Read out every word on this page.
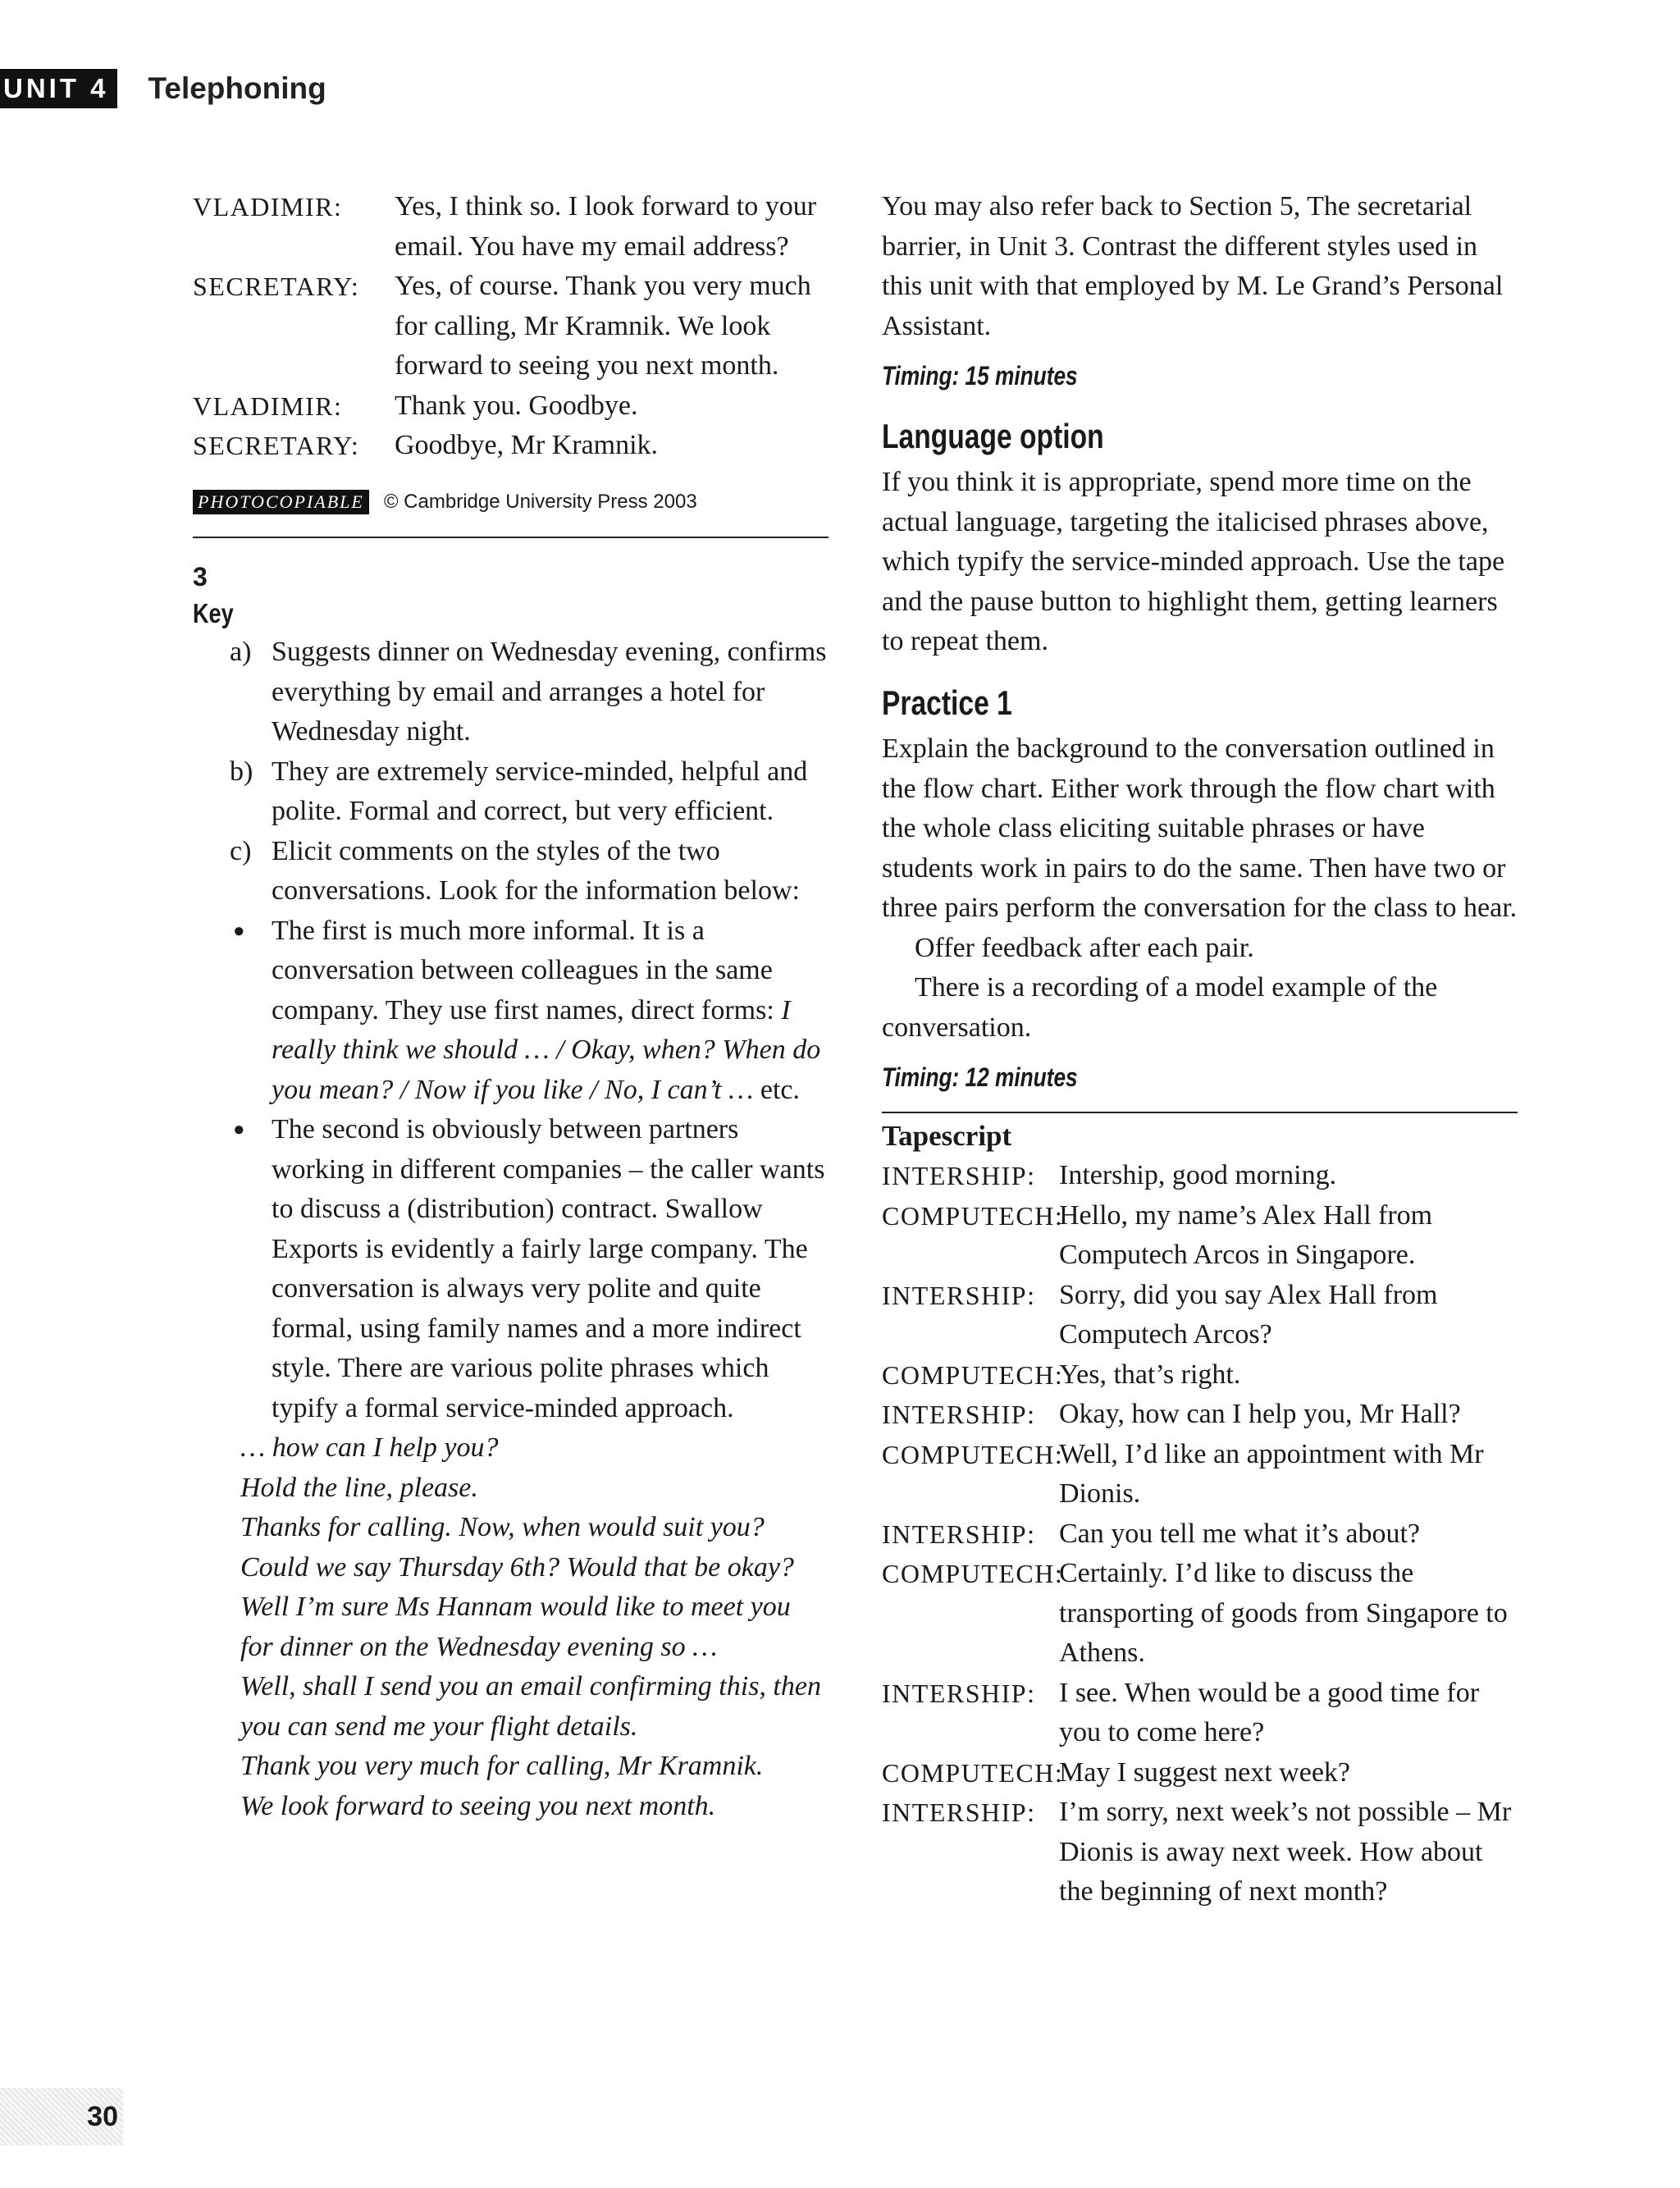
UNIT 4 Telephoning
VLADIMIR:	Yes, I think so. I look forward to your email. You have my email address?
SECRETARY:	Yes, of course. Thank you very much for calling, Mr Kramnik. We look forward to seeing you next month.
VLADIMIR:	Thank you. Goodbye.
SECRETARY:	Goodbye, Mr Kramnik.
PHOTOCOPIABLE © Cambridge University Press 2003
3
Key
a) Suggests dinner on Wednesday evening, confirms everything by email and arranges a hotel for Wednesday night.
b) They are extremely service-minded, helpful and polite. Formal and correct, but very efficient.
c) Elicit comments on the styles of the two conversations. Look for the information below:
● The first is much more informal. It is a conversation between colleagues in the same company. They use first names, direct forms: I really think we should … / Okay, when? When do you mean? / Now if you like / No, I can’t … etc.
● The second is obviously between partners working in different companies – the caller wants to discuss a (distribution) contract. Swallow Exports is evidently a fairly large company. The conversation is always very polite and quite formal, using family names and a more indirect style. There are various polite phrases which typify a formal service-minded approach.
… how can I help you?
Hold the line, please.
Thanks for calling. Now, when would suit you?
Could we say Thursday 6th? Would that be okay?
Well I’m sure Ms Hannam would like to meet you for dinner on the Wednesday evening so …
Well, shall I send you an email confirming this, then you can send me your flight details.
Thank you very much for calling, Mr Kramnik.
We look forward to seeing you next month.
You may also refer back to Section 5, The secretarial barrier, in Unit 3. Contrast the different styles used in this unit with that employed by M. Le Grand’s Personal Assistant.
Timing: 15 minutes
Language option
If you think it is appropriate, spend more time on the actual language, targeting the italicised phrases above, which typify the service-minded approach. Use the tape and the pause button to highlight them, getting learners to repeat them.
Practice 1
Explain the background to the conversation outlined in the flow chart. Either work through the flow chart with the whole class eliciting suitable phrases or have students work in pairs to do the same. Then have two or three pairs perform the conversation for the class to hear.
Offer feedback after each pair.
There is a recording of a model example of the conversation.
Timing: 12 minutes
Tapescript
INTERSHIP: Intership, good morning.
COMPUTECH:
Hello, my name’s Alex Hall from Computech Arcos in Singapore.
INTERSHIP: Sorry, did you say Alex Hall from Computech Arcos?
COMPUTECH:
Yes, that’s right.
INTERSHIP: Okay, how can I help you, Mr Hall?
COMPUTECH:
Well, I’d like an appointment with Mr Dionis.
INTERSHIP: Can you tell me what it’s about?
COMPUTECH:
Certainly. I’d like to discuss the transporting of goods from Singapore to Athens.
INTERSHIP: I see. When would be a good time for you to come here?
COMPUTECH:
May I suggest next week?
INTERSHIP: I’m sorry, next week’s not possible – Mr Dionis is away next week. How about the beginning of next month?
30
